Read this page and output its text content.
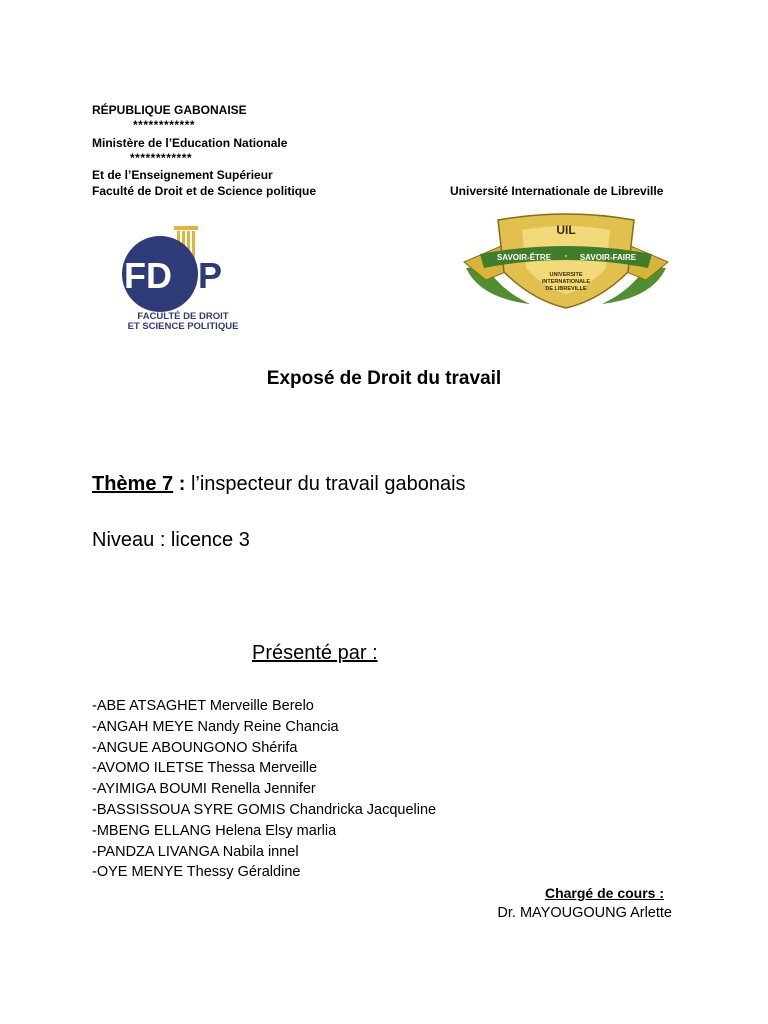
RÉPUBLIQUE GABONAISE
************
Ministère de l’Education Nationale
************
Et de l’Enseignement Supérieur
Faculté de Droit et de Science politique	Université Internationale de Libreville
FD SP
FACULTÉ DE DROIT
ET SCIENCE POLITIQUE
UIL
SAVOIR-ÊTRE - SAVOIR-FAIRE
UNIVERSITE
INTERNATIONALE
DE LIBREVILLE
Exposé de Droit du travail
Thème 7 : l’inspecteur du travail gabonais
Niveau : licence 3
Présenté par :
-ABE ATSAGHET Merveille Berelo
-ANGAH MEYE Nandy Reine Chancia
-ANGUE ABOUNGONO Shérifa
-AVOMO ILETSE Thessa Merveille
-AYIMIGA BOUMI Renella Jennifer
-BASSISSOUA SYRE GOMIS Chandricka Jacqueline
-MBENG ELLANG Helena Elsy marlia
-PANDZA LIVANGA Nabila innel
-OYE MENYE Thessy Géraldine
Chargé de cours :
Dr. MAYOUGOUNG Arlette
